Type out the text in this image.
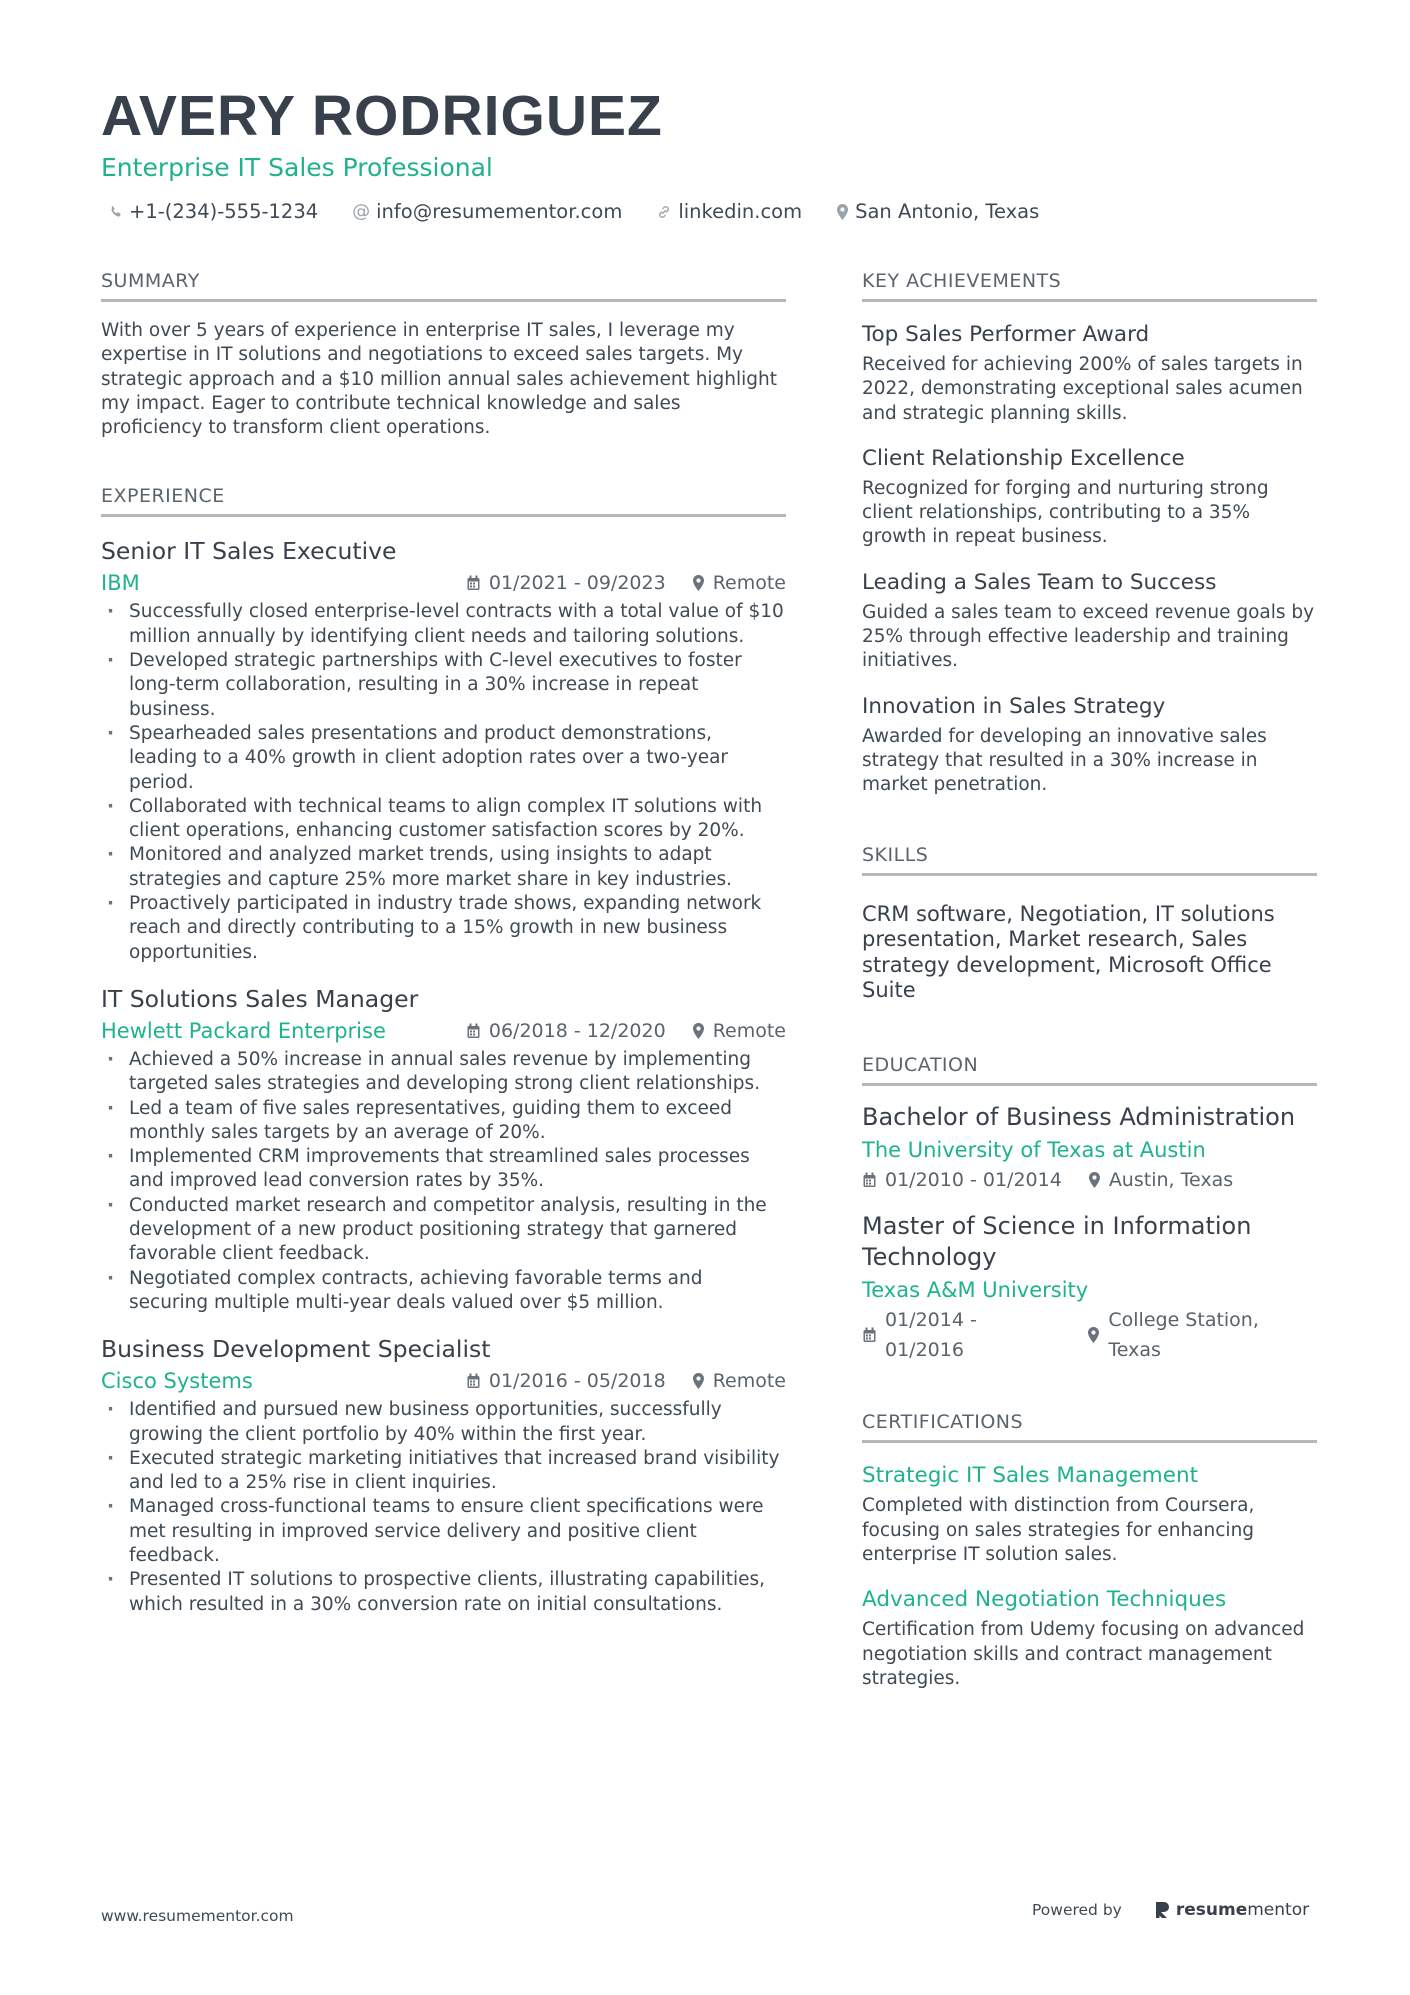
AVERY RODRIGUEZ
Enterprise IT Sales Professional
+1-(234)-555-1234 @ info@resumementor.com	linkedin.com	San Antonio, Texas
SUMMARY
With over 5 years of experience in enterprise IT sales, I leverage my expertise in IT solutions and negotiations to exceed sales targets. My strategic approach and a $10 million annual sales achievement highlight my impact. Eager to contribute technical knowledge and sales proficiency to transform client operations.
EXPERIENCE
Senior IT Sales Executive
IBM	01/2021 - 09/2023 Remote
· Successfully closed enterprise-level contracts with a total value of $10 million annually by identifying client needs and tailoring solutions.
· Developed strategic partnerships with C-level executives to foster long-term collaboration, resulting in a 30% increase in repeat business.
· Spearheaded sales presentations and product demonstrations, leading to a 40% growth in client adoption rates over a two-year period.
· Collaborated with technical teams to align complex IT solutions with client operations, enhancing customer satisfaction scores by 20%.
· Monitored and analyzed market trends, using insights to adapt strategies and capture 25% more market share in key industries.
· Proactively participated in industry trade shows, expanding network reach and directly contributing to a 15% growth in new business opportunities.
IT Solutions Sales Manager
Hewlett Packard Enterprise	06/2018 - 12/2020 Remote
· Achieved a 50% increase in annual sales revenue by implementing targeted sales strategies and developing strong client relationships.
· Led a team of five sales representatives, guiding them to exceed monthly sales targets by an average of 20%.
· Implemented CRM improvements that streamlined sales processes and improved lead conversion rates by 35%.
· Conducted market research and competitor analysis, resulting in the development of a new product positioning strategy that garnered favorable client feedback.
· Negotiated complex contracts, achieving favorable terms and securing multiple multi-year deals valued over $5 million.
Business Development Specialist
Cisco Systems	01/2016 - 05/2018 Remote
· Identified and pursued new business opportunities, successfully growing the client portfolio by 40% within the first year.
· Executed strategic marketing initiatives that increased brand visibility and led to a 25% rise in client inquiries.
· Managed cross-functional teams to ensure client specifications were met resulting in improved service delivery and positive client feedback.
· Presented IT solutions to prospective clients, illustrating capabilities, which resulted in a 30% conversion rate on initial consultations.
KEY ACHIEVEMENTS
Top Sales Performer Award
Received for achieving 200% of sales targets in 2022, demonstrating exceptional sales acumen and strategic planning skills.
Client Relationship Excellence
Recognized for forging and nurturing strong client relationships, contributing to a 35% growth in repeat business.
Leading a Sales Team to Success
Guided a sales team to exceed revenue goals by 25% through effective leadership and training initiatives.
Innovation in Sales Strategy
Awarded for developing an innovative sales strategy that resulted in a 30% increase in market penetration.
SKILLS
CRM software, Negotiation, IT solutions presentation, Market research, Sales strategy development, Microsoft Office Suite
EDUCATION
Bachelor of Business Administration
The University of Texas at Austin
01/2010 - 01/2014 Austin, Texas
Master of Science in Information Technology
Texas A&M University
01/2014 - 01/2016
College Station, Texas
CERTIFICATIONS
Strategic IT Sales Management
Completed with distinction from Coursera, focusing on sales strategies for enhancing enterprise IT solution sales.
Advanced Negotiation Techniques
Certification from Udemy focusing on advanced negotiation skills and contract management strategies.
www.resumementor.com	Powered by	resume mentor
